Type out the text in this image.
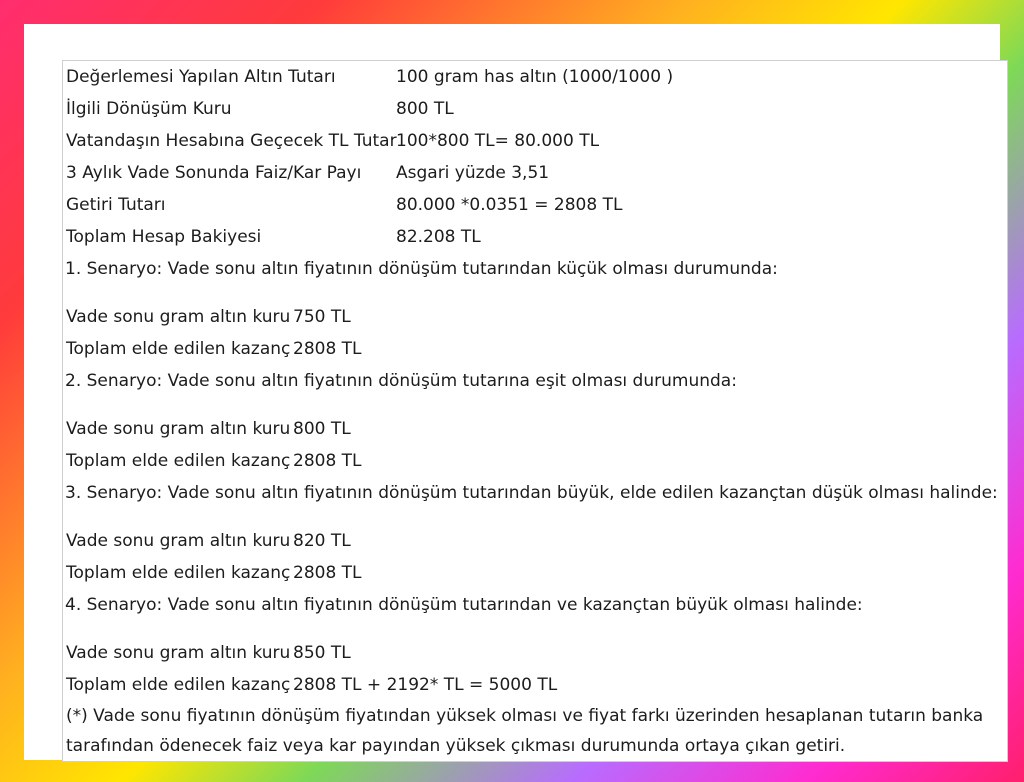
Değerlemesi Yapılan Altın Tutarı	100 gram has altın (1000/1000 )
İlgili Dönüşüm Kuru	800 TL
Vatandaşın Hesabına Geçecek TL Tutar 100*800 TL= 80.000 TL
3 Aylık Vade Sonunda Faiz/Kar Payı Asgari yüzde 3,51
Getiri Tutarı	80.000 *0.0351 = 2808 TL
Toplam Hesap Bakiyesi	82.208 TL
1. Senaryo: Vade sonu altın fiyatının dönüşüm tutarından küçük olması durumunda:
Vade sonu gram altın kuru 750 TL
Toplam elde edilen kazanç 2808 TL
2. Senaryo: Vade sonu altın fiyatının dönüşüm tutarına eşit olması durumunda:
Vade sonu gram altın kuru 800 TL
Toplam elde edilen kazanç 2808 TL
3. Senaryo: Vade sonu altın fiyatının dönüşüm tutarından büyük, elde edilen kazançtan düşük olması halinde:
Vade sonu gram altın kuru 820 TL
Toplam elde edilen kazanç 2808 TL
4. Senaryo: Vade sonu altın fiyatının dönüşüm tutarından ve kazançtan büyük olması halinde:
Vade sonu gram altın kuru 850 TL
Toplam elde edilen kazanç 2808 TL + 2192* TL = 5000 TL
(*) Vade sonu fiyatının dönüşüm fiyatından yüksek olması ve fiyat farkı üzerinden hesaplanan tutarın banka tarafından ödenecek faiz veya kar payından yüksek çıkması durumunda ortaya çıkan getiri.
